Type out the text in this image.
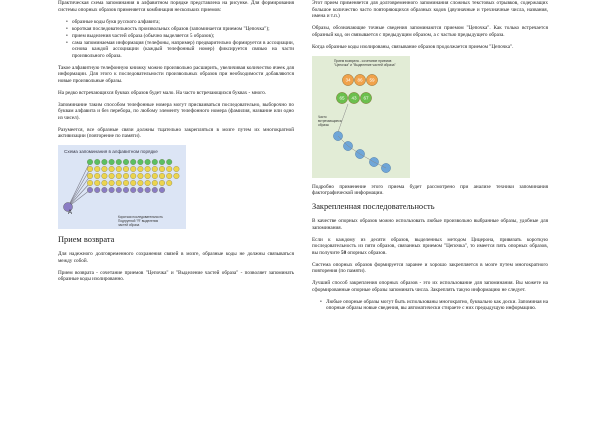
Практическая схема запоминания в алфавитном порядке представлена на рисунке. Для формирования системы опорных образов применяется комбинация нескольких приемов:

• образные коды букв русского алфавита;
• короткая последовательность произвольных образов (запоминается приемом "Цепочка");
• прием выделения частей образа (обычно выделяется 5 образов);
• сама запоминаемая информация (телефоны, например) предварительно формируется в ассоциации, основа каждой ассоциации (каждый телефонный номер) фиксируется связью на части произвольного образа.

Такое алфавитную телефонную книжку можно произвольно расширить, увеличивая количество ячеек для информации. Для этого к последовательности произвольных образов при необходимости добавляются новые произвольные образы.

На редко встречающихся буквах образов будет мало. На часто встречающихся буквах - много.

Запоминание таким способом телефонные номера могут присваиваться последовательно, выборочно по буквам алфавита и без перебора, по любому элементу телефонного номера (фамилия, название или одно из чисел).

Разумеется, все образные связи должны тщательно закрепляться в мозге путем их многократной активизации (повторение по памяти).

Схема запоминания в алфавитном порядке
А
Короткая последовательность
Подгруппой "Я" выделения
частей образа
Прием возврата

Для надежного долговременного сохранения связей в мозге, образные коды не должны связываться между собой.

Прием возврата - сочетание приемов "Цепочка" и "Выделение частей образа" - позволяет запоминать образные коды изолированно.

Этот прием применяется для долговременного запоминания сложных текстовых отрывков, содержащих большое количество часто повторяющихся образных кодов (двузначные и трехзначные числа, названия, имена и т.п.)

Образы, обозначающие точные сведения запоминаются приемом "Цепочка". Как только встречается образный код, он связывается с предыдущим образом, а с частью предыдущего образа.

Когда образные коды изолированы, связывание образов продолжается приемом "Цепочка".

Прием возврата - сочетание приемов
"Цепочка" и "Выделение частей образа"
Часто
встречающиеся
образы
34 86 59
65 43 67

Подробно применение этого приема будет рассмотрено при анализе техники запоминания фактографической информации.

Закрепленная последовательность

В качестве опорных образов можно использовать любые произвольно выбранные образы, удобные для запоминания.

Если к каждому из десяти образов, выделенных методом Цицерона, привязать короткую последовательность из пяти образов, связанных приемом "Цепочка", то имеется пять опорных образов, вы получите 50 опорных образов.

Система опорных образов формируется заранее и хорошо закрепляется в мозге путем многократного повторения (по памяти).

Лучший способ закрепления опорных образов - это их использование для запоминания. Вы можете на сформированные опорные образы запоминать числа. Закреплять такую информацию не следует.

• Любые опорные образы могут быть использованы многократно, буквально как доски. Запоминая на опорные образы новые сведения, вы автоматически стираете с них предыдущую информацию.
